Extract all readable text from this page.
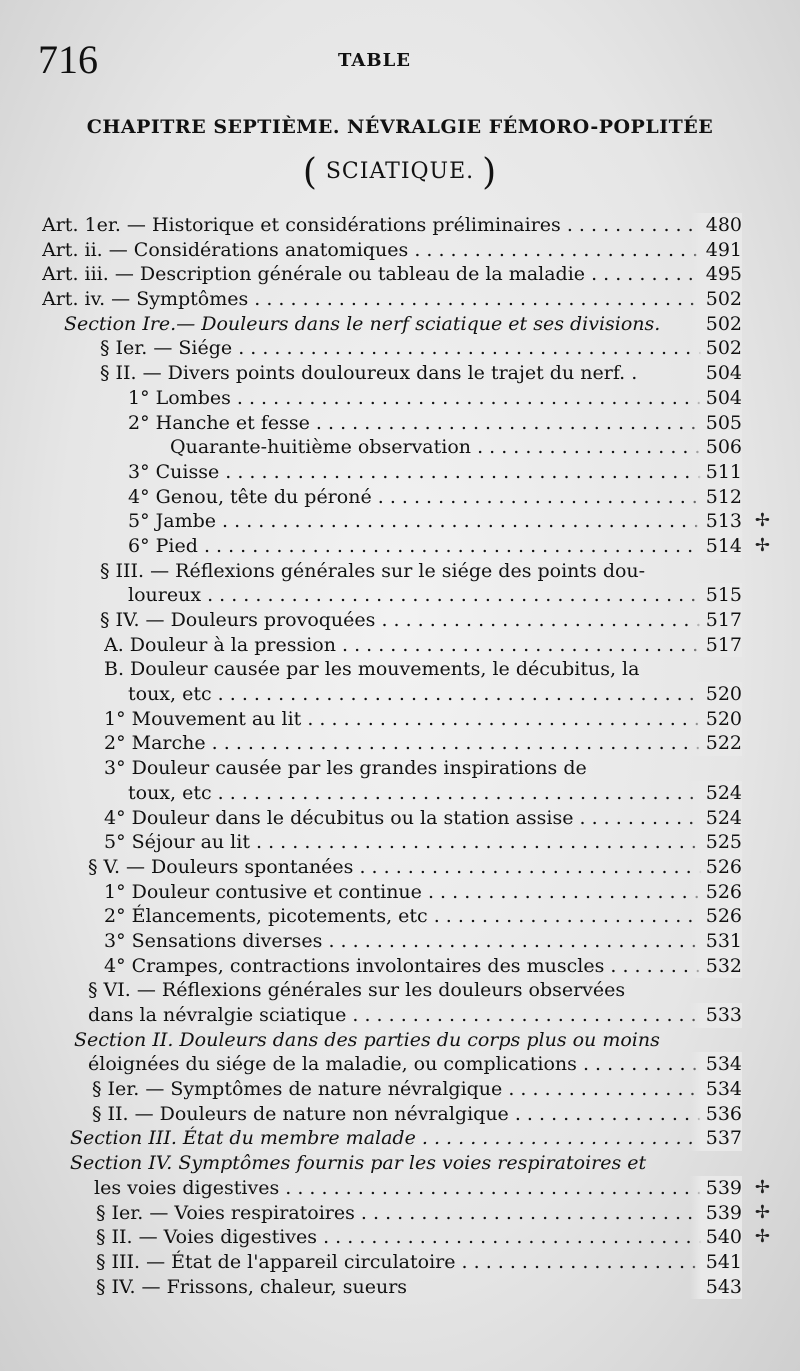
716	TABLE
CHAPITRE SEPTIÈME. NÉVRALGIE FÉMORO-POPLITÉE
( SCIATIQUE. )
Art. 1er. — Historique et considérations préliminaires . . .	480
Art. ii. — Considérations anatomiques . . .	491
Art. iii. — Description générale ou tableau de la maladie . . .	495
Art. iv. — Symptômes . . .	502
Section Ire.— Douleurs dans le nerf sciatique et ses divisions.	502
§ Ier. — Siége . . .	502
§ II. — Divers points douloureux dans le trajet du nerf. .	504
1° Lombes . . .	504
2° Hanche et fesse . . .	505
Quarante-huitième observation . . .	506
3° Cuisse . . .	511
4° Genou, tête du péroné . . .	512
5° Jambe . . .	513 ✢
6° Pied . . .	514 ✢
§ III. — Réflexions générales sur le siége des points dou-
loureux . . .	515
§ IV. — Douleurs provoquées . . .	517
A. Douleur à la pression . . .	517
B. Douleur causée par les mouvements, le décubitus, la
toux, etc . . .	520
1° Mouvement au lit . . .	520
2° Marche . . .	522
3° Douleur causée par les grandes inspirations de
toux, etc . . .	524
4° Douleur dans le décubitus ou la station assise . . .	524
5° Séjour au lit . . .	525
§ V. — Douleurs spontanées . . .	526
1° Douleur contusive et continue . . .	526
2° Élancements, picotements, etc . . .	526
3° Sensations diverses . . .	531
4° Crampes, contractions involontaires des muscles . . .	532
§ VI. — Réflexions générales sur les douleurs observées
dans la névralgie sciatique . . .	533
Section II. Douleurs dans des parties du corps plus ou moins
éloignées du siége de la maladie, ou complications . . .	534
§ Ier. — Symptômes de nature névralgique . . .	534
§ II. — Douleurs de nature non névralgique . . .	536
Section III. État du membre malade . . .	537
Section IV. Symptômes fournis par les voies respiratoires et
les voies digestives . . .	539 ✢
§ Ier. — Voies respiratoires . . .	539 ✢
§ II. — Voies digestives . . .	540 ✢
§ III. — État de l'appareil circulatoire . . .	541
§ IV. — Frissons, chaleur, sueurs	543
